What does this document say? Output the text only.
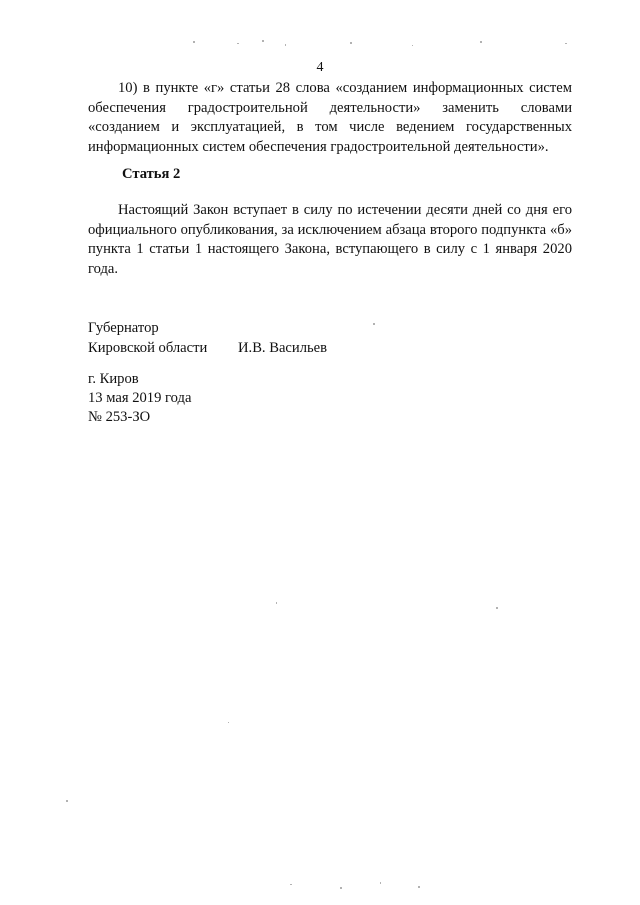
4

10) в пункте «г» статьи 28 слова «созданием информационных систем обеспечения градостроительной деятельности» заменить словами «созданием и эксплуатацией, в том числе ведением государственных информационных систем обеспечения градостроительной деятельности».

Статья 2

Настоящий Закон вступает в силу по истечении десяти дней со дня его официального опубликования, за исключением абзаца второго подпункта «б» пункта 1 статьи 1 настоящего Закона, вступающего в силу с 1 января 2020 года.

Губернатор
Кировской области И.В. Васильев
г. Киров
13 мая 2019 года
№ 253-ЗО
